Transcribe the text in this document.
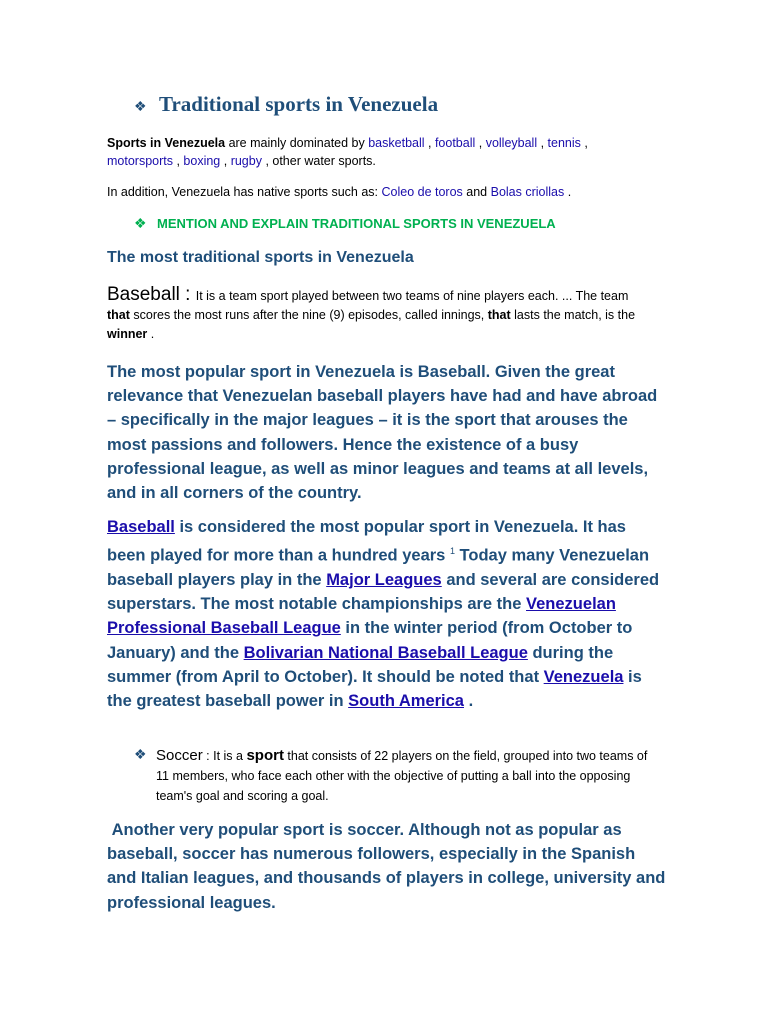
❖ Traditional sports in Venezuela
Sports in Venezuela are mainly dominated by basketball , football , volleyball , tennis , motorsports , boxing , rugby , other water sports.
In addition, Venezuela has native sports such as: Coleo de toros and Bolas criollas .
❖ MENTION AND EXPLAIN TRADITIONAL SPORTS IN VENEZUELA
The most traditional sports in Venezuela
Baseball : It is a team sport played between two teams of nine players each. ... The team that scores the most runs after the nine (9) episodes, called innings, that lasts the match, is the winner .
The most popular sport in Venezuela is Baseball. Given the great relevance that Venezuelan baseball players have had and have abroad – specifically in the major leagues – it is the sport that arouses the most passions and followers. Hence the existence of a busy professional league, as well as minor leagues and teams at all levels, and in all corners of the country.
Baseball is considered the most popular sport in Venezuela. It has been played for more than a hundred years $^1$ Today many Venezuelan baseball players play in the Major Leagues and several are considered superstars. The most notable championships are the Venezuelan Professional Baseball League in the winter period (from October to January) and the Bolivarian National Baseball League during the summer (from April to October). It should be noted that Venezuela is the greatest baseball power in South America .
❖ Soccer : It is a sport that consists of 22 players on the field, grouped into two teams of 11 members, who face each other with the objective of putting a ball into the opposing team's goal and scoring a goal.
Another very popular sport is soccer. Although not as popular as baseball, soccer has numerous followers, especially in the Spanish and Italian leagues, and thousands of players in college, university and professional leagues.
